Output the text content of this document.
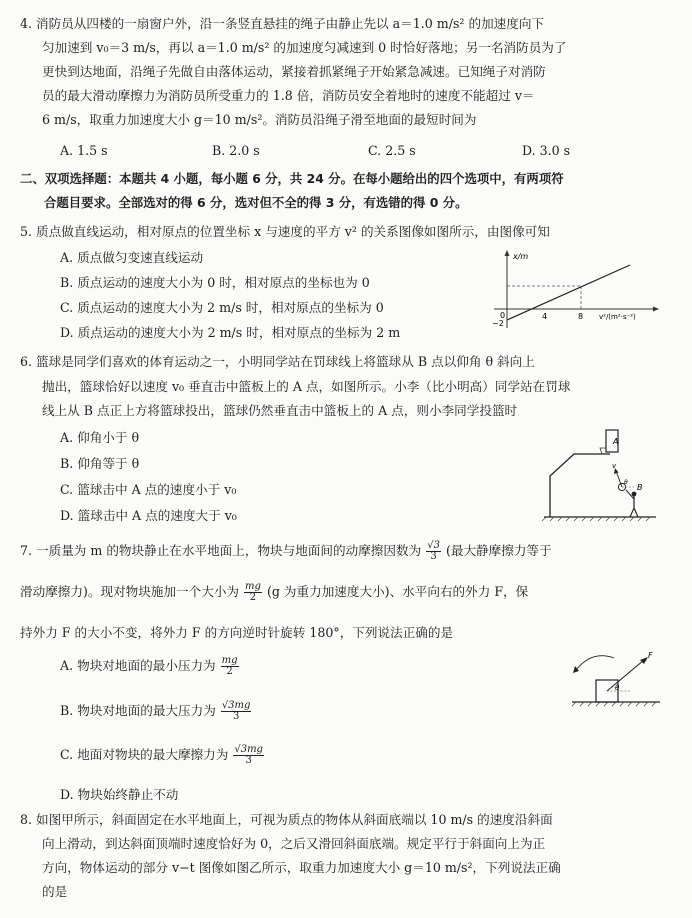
4. 消防员从四楼的一扇窗户外，沿一条竖直悬挂的绳子由静止先以 a＝1.0 m/s² 的加速度向下
匀加速到 v₀＝3 m/s，再以 a＝1.0 m/s² 的加速度匀减速到 0 时恰好落地；另一名消防员为了
更快到达地面，沿绳子先做自由落体运动，紧接着抓紧绳子开始紧急减速。已知绳子对消防
员的最大滑动摩擦力为消防员所受重力的 1.8 倍，消防员安全着地时的速度不能超过 v＝
6 m/s，取重力加速度大小 g＝10 m/s²。消防员沿绳子滑至地面的最短时间为
A. 1.5 s	B. 2.0 s	C. 2.5 s	D. 3.0 s
二、双项选择题：本题共 4 小题，每小题 6 分，共 24 分。在每小题给出的四个选项中，有两项符
合题目要求。全部选对的得 6 分，选对但不全的得 3 分，有选错的得 0 分。
5. 质点做直线运动，相对原点的位置坐标 x 与速度的平方 v² 的关系图像如图所示，由图像可知
A. 质点做匀变速直线运动
B. 质点运动的速度大小为 0 时，相对原点的坐标也为 0
C. 质点运动的速度大小为 2 m/s 时，相对原点的坐标为 0
D. 质点运动的速度大小为 2 m/s 时，相对原点的坐标为 2 m
x/m
0
−2
4	8 v²/(m²·s⁻²)
6. 篮球是同学们喜欢的体育运动之一，小明同学站在罚球线上将篮球从 B 点以仰角 θ 斜向上
抛出，篮球恰好以速度 v₀ 垂直击中篮板上的 A 点，如图所示。小李（比小明高）同学站在罚球
线上从 B 点正上方将篮球投出，篮球仍然垂直击中篮板上的 A 点，则小李同学投篮时
A. 仰角小于 θ
B. 仰角等于 θ
C. 篮球击中 A 点的速度小于 v₀
D. 篮球击中 A 点的速度大于 v₀
A
v
θ
B
7. 一质量为 m 的物块静止在水平地面上，物块与地面间的动摩擦因数为 $\frac{√3}{3}$ (最大静摩擦力等于
滑动摩擦力)。现对物块施加一个大小为 $\frac{mg}{2} (g$ 为重力加速度大小)、水平向右的外力 F，保
持外力 F 的大小不变，将外力 F 的方向逆时针旋转 180°，下列说法正确的是
A. 物块对地面的最小压力为 $\frac{mg}{2}$
B. 物块对地面的最大压力为 $\frac{√3mg}{3}$
C. 地面对物块的最大摩擦力为 $\frac{√3mg}{3}$
D. 物块始终静止不动
F
θ
8. 如图甲所示，斜面固定在水平地面上，可视为质点的物体从斜面底端以 10 m/s 的速度沿斜面
向上滑动，到达斜面顶端时速度恰好为 0，之后又滑回斜面底端。规定平行于斜面向上为正
方向，物体运动的部分 v−t 图像如图乙所示，取重力加速度大小 g＝10 m/s²，下列说法正确
的是
